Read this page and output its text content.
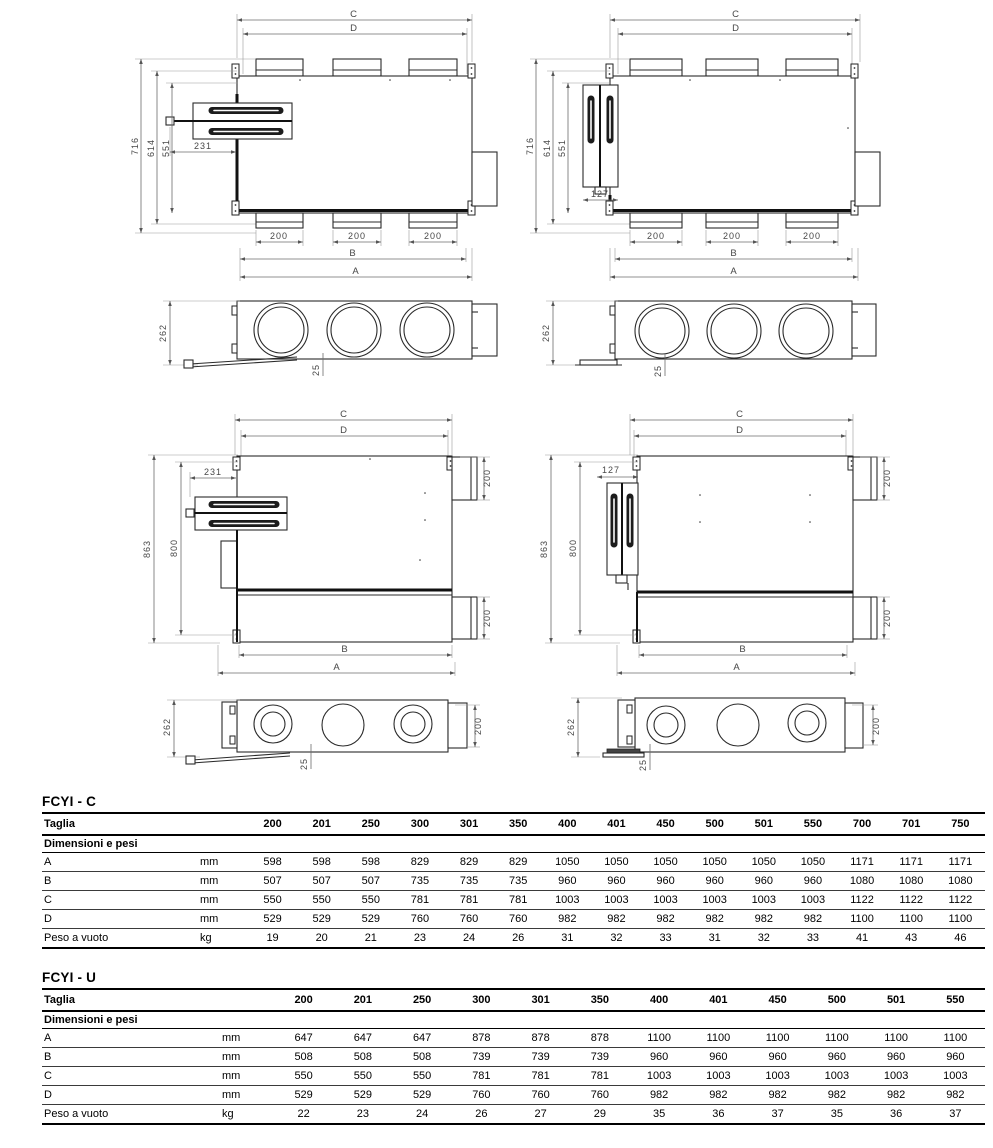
C
D
231
716 614 551
200	200	200
B
A
C
D
127
716 614 551
200	200	200
B
A
262
25
262
25
C
D
231
863 800
200
200
B
A
C
D
127
863 800
200
200
B
A
200
262
25
200
262
25
FCYI - C
Taglia		200	201	250	300	301	350	400	401	450	500	501	550	700	701	750
Dimensioni e pesi																
A	mm	598	598	598	829	829	829	1050	1050	1050	1050	1050	1050	1171	1171	1171
B	mm	507	507	507	735	735	735	960	960	960	960	960	960	1080	1080	1080
C	mm	550	550	550	781	781	781	1003	1003	1003	1003	1003	1003	1122	1122	1122
D	mm	529	529	529	760	760	760	982	982	982	982	982	982	1100	1100	1100
Peso a vuoto	kg	19	20	21	23	24	26	31	32	33	31	32	33	41	43	46
FCYI - U
Taglia		200	201	250	300	301	350	400	401	450	500	501	550
Dimensioni e pesi													
A	mm	647	647	647	878	878	878	1100	1100	1100	1100	1100	1100
B	mm	508	508	508	739	739	739	960	960	960	960	960	960
C	mm	550	550	550	781	781	781	1003	1003	1003	1003	1003	1003
D	mm	529	529	529	760	760	760	982	982	982	982	982	982
Peso a vuoto	kg	22	23	24	26	27	29	35	36	37	35	36	37
